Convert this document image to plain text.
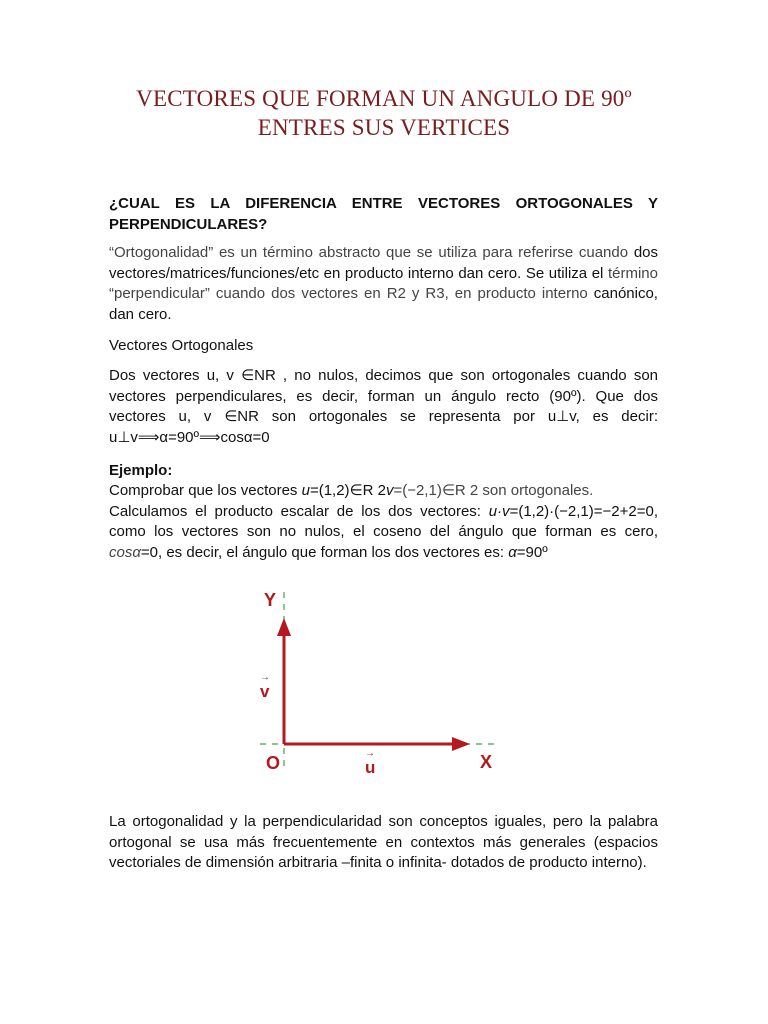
VECTORES QUE FORMAN UN ANGULO DE 90º
ENTRES SUS VERTICES
¿CUAL ES LA DIFERENCIA ENTRE VECTORES ORTOGONALES Y PERPENDICULARES?
“Ortogonalidad” es un término abstracto que se utiliza para referirse cuando dos vectores/matrices/funciones/etc en producto interno dan cero. Se utiliza el término “perpendicular” cuando dos vectores en R2 y R3, en producto interno canónico, dan cero.
Vectores Ortogonales
Dos vectores u, v ∈NR , no nulos, decimos que son ortogonales cuando son vectores perpendiculares, es decir, forman un ángulo recto (90º). Que dos vectores u, v ∈NR son ortogonales se representa por u⊥v, es decir: u⊥v⟹α=90º⟹cosα=0
Ejemplo:
Comprobar que los vectores u=(1,2)∈R 2v=(−2,1)∈R 2 son ortogonales.
Calculamos el producto escalar de los dos vectores: u·v=(1,2)·(−2,1)=−2+2=0, como los vectores son no nulos, el coseno del ángulo que forman es cero, cosα=0, es decir, el ángulo que forman los dos vectores es: α=90º
Y
X
O
→
v
→
u
La ortogonalidad y la perpendicularidad son conceptos iguales, pero la palabra ortogonal se usa más frecuentemente en contextos más generales (espacios vectoriales de dimensión arbitraria –finita o infinita- dotados de producto interno).
